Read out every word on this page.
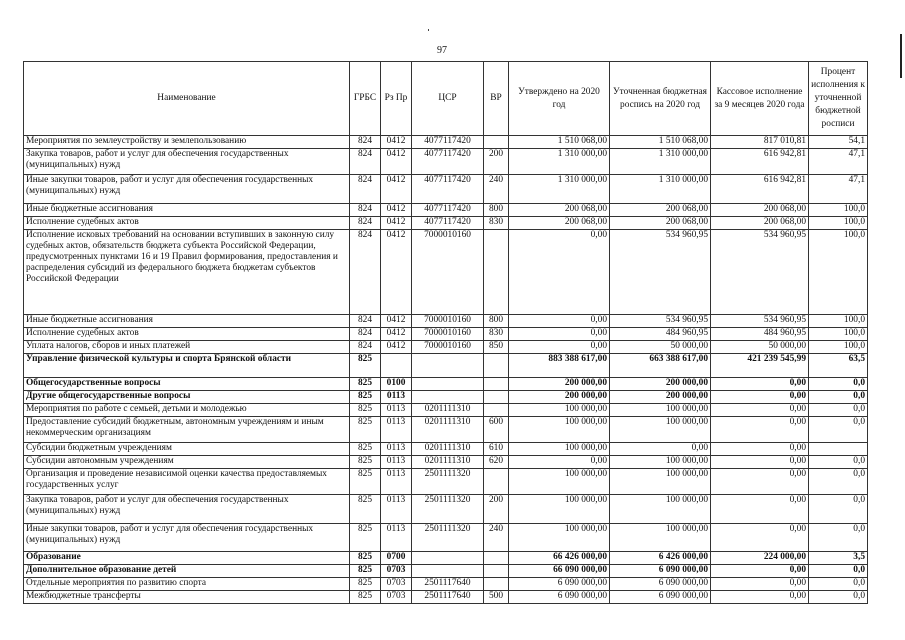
97
Наименование	ГРБС	Рз Пр	ЦСР	ВР	Утверждено на 2020 год	Уточненная бюджетная роспись на 2020 год	Кассовое исполнение за 9 месяцев 2020 года	Процент исполнения к уточненной бюджетной росписи
Мероприятия по землеустройству и землепользованию	824	0412	4077117420		1 510 068,00	1 510 068,00	817 010,81	54,1
Закупка товаров, работ и услуг для обеспечения государственных (муниципальных) нужд	824	0412	4077117420	200	1 310 000,00	1 310 000,00	616 942,81	47,1
Иные закупки товаров, работ и услуг для обеспечения государственных (муниципальных) нужд	824	0412	4077117420	240	1 310 000,00	1 310 000,00	616 942,81	47,1
Иные бюджетные ассигнования	824	0412	4077117420	800	200 068,00	200 068,00	200 068,00	100,0
Исполнение судебных актов	824	0412	4077117420	830	200 068,00	200 068,00	200 068,00	100,0
Исполнение исковых требований на основании вступивших в законную силу судебных актов, обязательств бюджета субъекта Российской Федерации, предусмотренных пунктами 16 и 19 Правил формирования, предоставления и распределения субсидий из федерального бюджета бюджетам субъектов Российской Федерации	824	0412	7000010160		0,00	534 960,95	534 960,95	100,0
Иные бюджетные ассигнования	824	0412	7000010160	800	0,00	534 960,95	534 960,95	100,0
Исполнение судебных актов	824	0412	7000010160	830	0,00	484 960,95	484 960,95	100,0
Уплата налогов, сборов и иных платежей	824	0412	7000010160	850	0,00	50 000,00	50 000,00	100,0
Управление физической культуры и спорта Брянской области	825				883 388 617,00	663 388 617,00	421 239 545,99	63,5
Общегосударственные вопросы	825	0100			200 000,00	200 000,00	0,00	0,0
Другие общегосударственные вопросы	825	0113			200 000,00	200 000,00	0,00	0,0
Мероприятия по работе с семьей, детьми и молодежью	825	0113	0201111310		100 000,00	100 000,00	0,00	0,0
Предоставление субсидий бюджетным, автономным учреждениям и иным некоммерческим организациям	825	0113	0201111310	600	100 000,00	100 000,00	0,00	0,0
Субсидии бюджетным учреждениям	825	0113	0201111310	610	100 000,00	0,00	0,00	
Субсидии автономным учреждениям	825	0113	0201111310	620	0,00	100 000,00	0,00	0,0
Организация и проведение независимой оценки качества предоставляемых государственных услуг	825	0113	2501111320		100 000,00	100 000,00	0,00	0,0
Закупка товаров, работ и услуг для обеспечения государственных (муниципальных) нужд	825	0113	2501111320	200	100 000,00	100 000,00	0,00	0,0
Иные закупки товаров, работ и услуг для обеспечения государственных (муниципальных) нужд	825	0113	2501111320	240	100 000,00	100 000,00	0,00	0,0
Образование	825	0700			66 426 000,00	6 426 000,00	224 000,00	3,5
Дополнительное образование детей	825	0703			66 090 000,00	6 090 000,00	0,00	0,0
Отдельные мероприятия по развитию спорта	825	0703	2501117640		6 090 000,00	6 090 000,00	0,00	0,0
Межбюджетные трансферты	825	0703	2501117640	500	6 090 000,00	6 090 000,00	0,00	0,0
